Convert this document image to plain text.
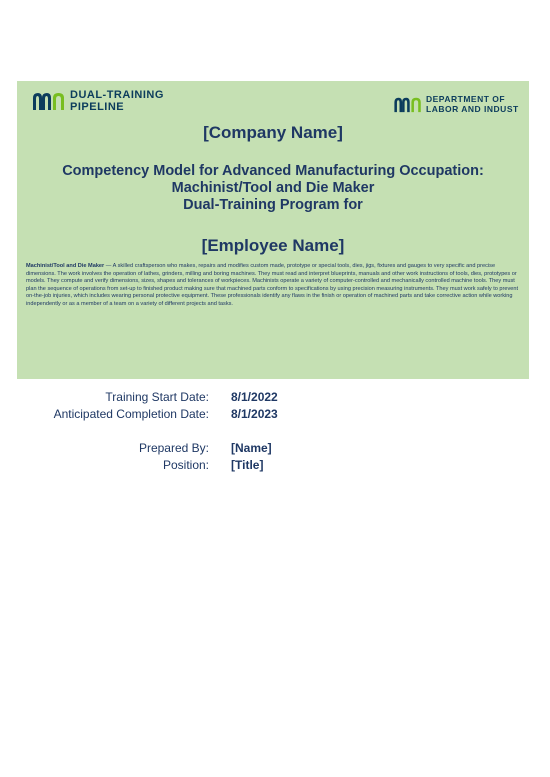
DUAL-TRAINING
PIPELINE
DEPARTMENT OF
LABOR AND INDUST
[Company Name]
Competency Model for Advanced Manufacturing Occupation:
Machinist/Tool and Die Maker
Dual-Training Program for
[Employee Name]
Machinist/Tool and Die Maker — A skilled craftsperson who makes, repairs and modifies custom made, prototype or special tools, dies, jigs, fixtures and gauges to very specific and precise dimensions. The work involves the operation of lathes, grinders, milling and boring machines. They must read and interpret blueprints, manuals and other work instructions of tools, dies, prototypes or models. They compute and verify dimensions, sizes, shapes and tolerances of workpieces. Machinists operate a variety of computer-controlled and mechanically controlled machine tools. They must plan the sequence of operations from set-up to finished product making sure that machined parts conform to specifications by using precision measuring instruments. They must work safely to prevent on-the-job injuries, which includes wearing personal protective equipment. These professionals identify any flaws in the finish or operation of machined parts and take corrective action while working independently or as a member of a team on a variety of different projects and tasks.
Training Start Date: 8/1/2022
Anticipated Completion Date: 8/1/2023
Prepared By: [Name]
Position: [Title]
